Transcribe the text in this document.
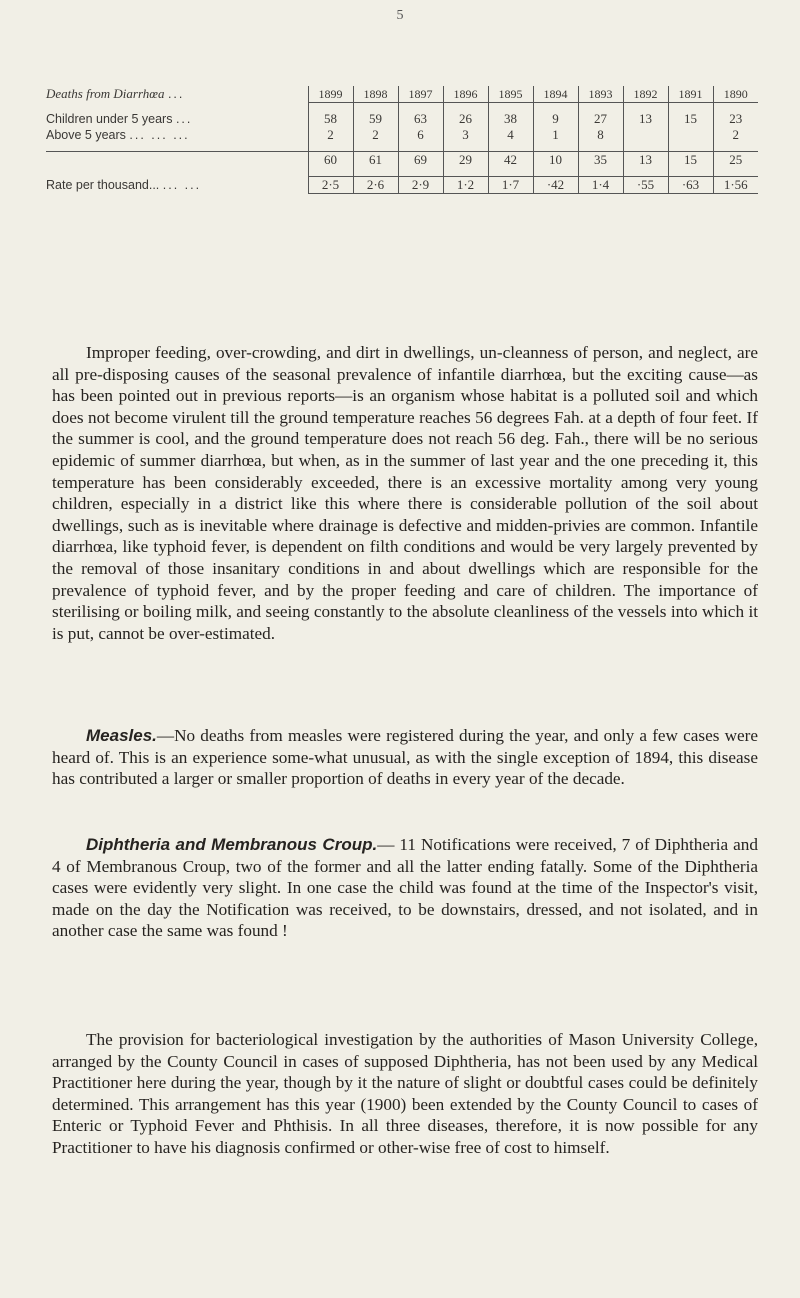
5
Deaths from Diarrhœa ...	1899	1898	1897	1896	1895	1894	1893	1892	1891	1890

Children under 5 years ...	58	59	63	26	38	9	27	13	15	23
Above 5 years ... ... ...	2	2	6	3	4	1	8			2

	60	61	69	29	42	10	35	13	15	25

Rate per thousand... ... ...	2·5	2·6	2·9	1·2	1·7	·42	1·4	·55	·63	1·56

Improper feeding, over-crowding, and dirt in dwellings, un-cleanness of person, and neglect, are all pre-disposing causes of the seasonal prevalence of infantile diarrhœa, but the exciting cause—as has been pointed out in previous reports—is an organism whose habitat is a polluted soil and which does not become virulent till the ground temperature reaches 56 degrees Fah. at a depth of four feet. If the summer is cool, and the ground temperature does not reach 56 deg. Fah., there will be no serious epidemic of summer diarrhœa, but when, as in the summer of last year and the one preceding it, this temperature has been considerably exceeded, there is an excessive mortality among very young children, especially in a district like this where there is considerable pollution of the soil about dwellings, such as is inevitable where drainage is defective and midden-privies are common. Infantile diarrhœa, like typhoid fever, is dependent on filth conditions and would be very largely prevented by the removal of those insanitary conditions in and about dwellings which are responsible for the prevalence of typhoid fever, and by the proper feeding and care of children. The importance of sterilising or boiling milk, and seeing constantly to the absolute cleanliness of the vessels into which it is put, cannot be over-estimated.

Measles.—No deaths from measles were registered during the year, and only a few cases were heard of. This is an experience some-what unusual, as with the single exception of 1894, this disease has contributed a larger or smaller proportion of deaths in every year of the decade.

Diphtheria and Membranous Croup.— 11 Notifications were received, 7 of Diphtheria and 4 of Membranous Croup, two of the former and all the latter ending fatally. Some of the Diphtheria cases were evidently very slight. In one case the child was found at the time of the Inspector's visit, made on the day the Notification was received, to be downstairs, dressed, and not isolated, and in another case the same was found !

The provision for bacteriological investigation by the authorities of Mason University College, arranged by the County Council in cases of supposed Diphtheria, has not been used by any Medical Practitioner here during the year, though by it the nature of slight or doubtful cases could be definitely determined. This arrangement has this year (1900) been extended by the County Council to cases of Enteric or Typhoid Fever and Phthisis. In all three diseases, therefore, it is now possible for any Practitioner to have his diagnosis confirmed or other-wise free of cost to himself.
